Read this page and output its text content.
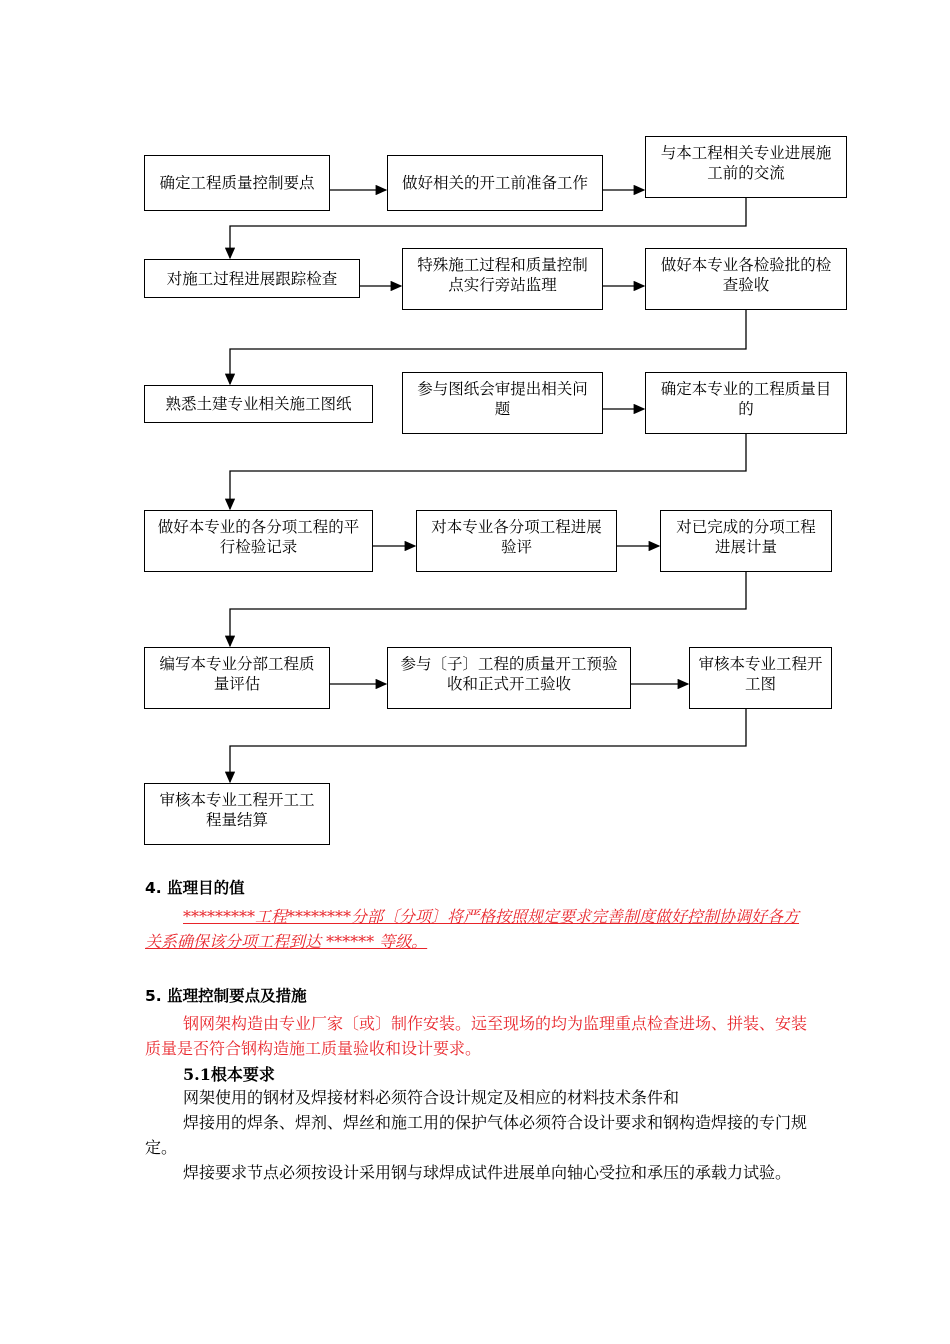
确定工程质量控制要点	做好相关的开工前准备工作
与本工程相关专业进展施工前的交流
对施工过程进展跟踪检查
特殊施工过程和质量控制点实行旁站监理
做好本专业各检验批的检查验收
熟悉土建专业相关施工图纸
参与图纸会审提出相关问题
确定本专业的工程质量目的
做好本专业的各分项工程的平行检验记录
对本专业各分项工程进展验评
对已完成的分项工程进展计量
编写本专业分部工程质量评估
参与〔子〕工程的质量开工预验收和正式开工验收
审核本专业工程开工图
审核本专业工程开工工程量结算
4. 监理目的值
*********工程********分部〔分项〕将严格按照规定要求完善制度做好控制协调好各方关系确保该分项工程到达 ****** 等级。
5. 监理控制要点及措施
钢网架构造由专业厂家〔或〕制作安装。远至现场的均为监理重点检查进场、拼装、安装质量是否符合钢构造施工质量验收和设计要求。
5.1根本要求
网架使用的钢材及焊接材料必须符合设计规定及相应的材料技术条件和
焊接用的焊条、焊剂、焊丝和施工用的保护气体必须符合设计要求和钢构造焊接的专门规定。
焊接要求节点必须按设计采用钢与球焊成试件进展单向轴心受拉和承压的承载力试验。
